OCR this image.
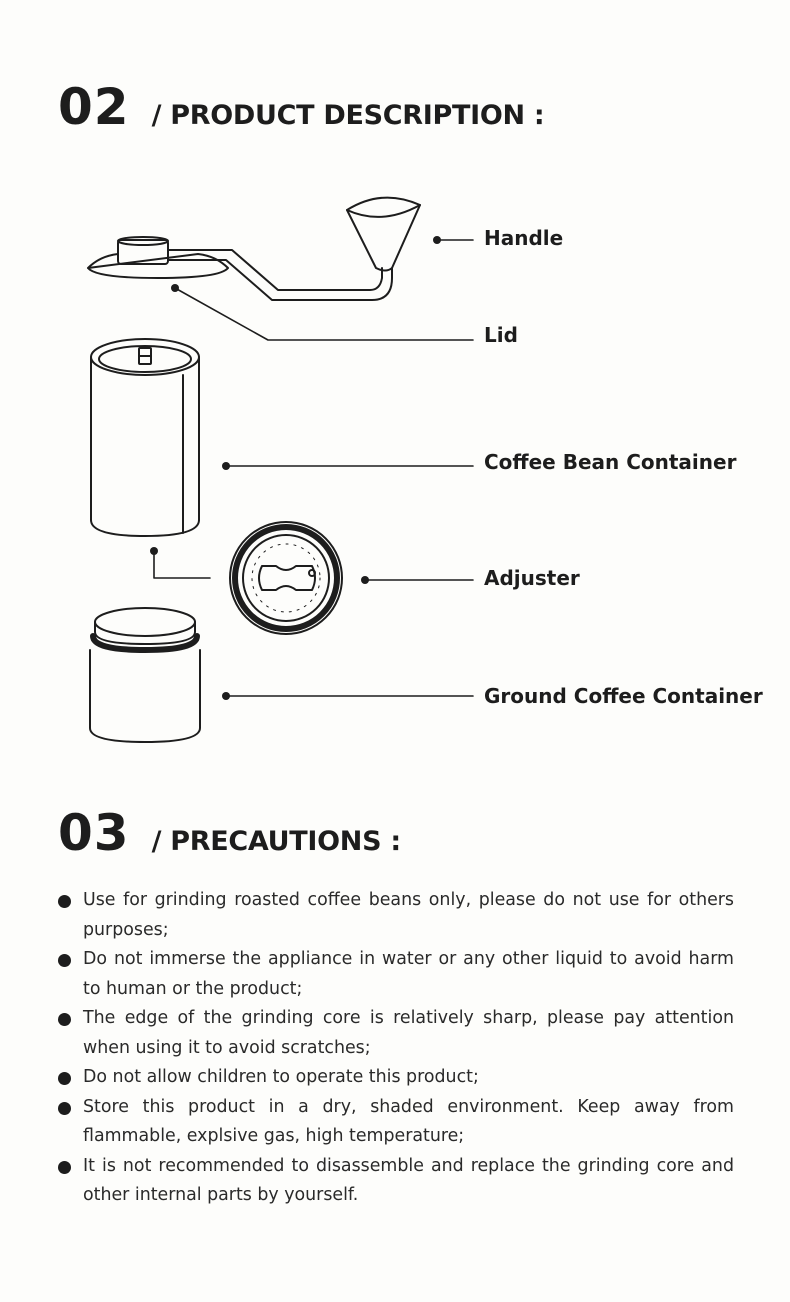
02 / PRODUCT DESCRIPTION :
Handle
Lid
Coffee Bean Container
Adjuster
Ground Coffee Container
03 / PRECAUTIONS :
Use for grinding roasted coffee beans only, please do not use for others purposes;
Do not immerse the appliance in water or any other liquid to avoid harm to human or the product;
The edge of the grinding core is relatively sharp, please pay attention when using it to avoid scratches;
Do not allow children to operate this product;
Store this product in a dry, shaded environment. Keep away from flammable, explsive gas, high temperature;
It is not recommended to disassemble and replace the grinding core and other internal parts by yourself.
